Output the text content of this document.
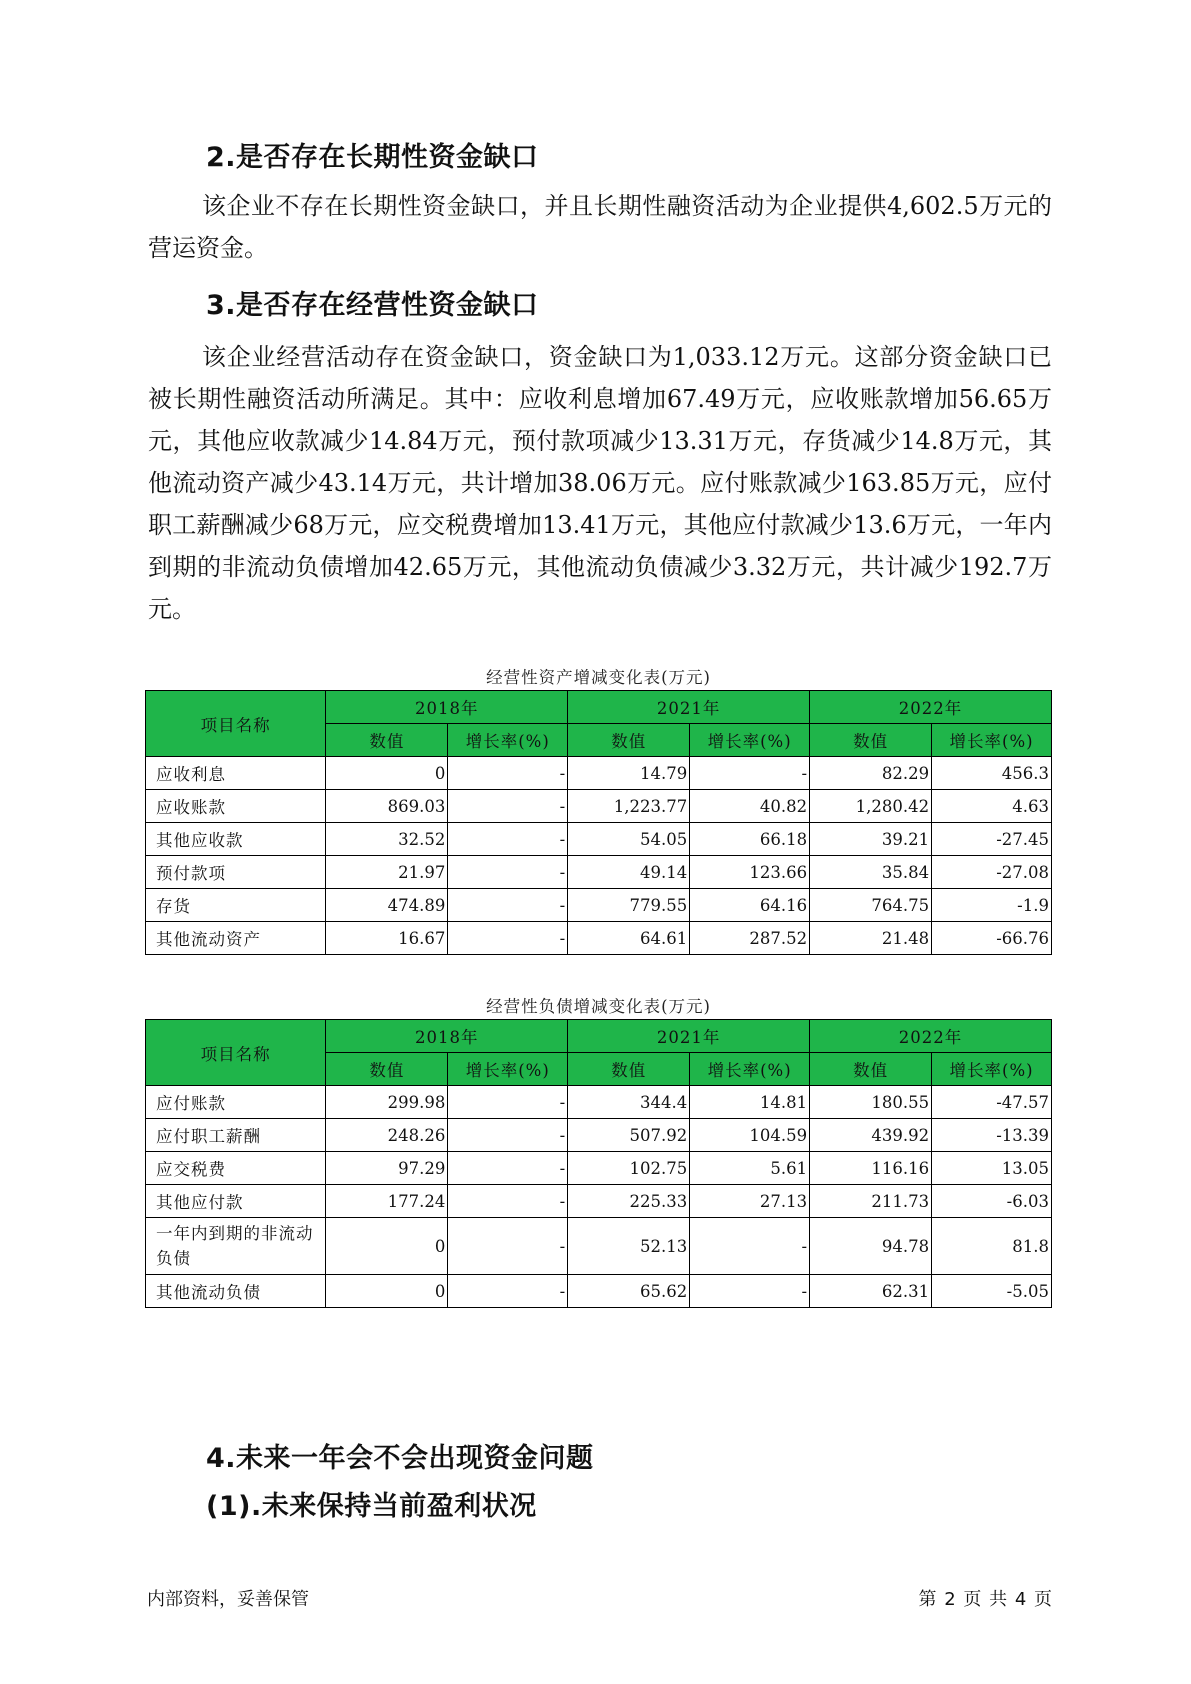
2.是否存在长期性资金缺口

该企业不存在长期性资金缺口，并且长期性融资活动为企业提供4,602.5万元的营运资金。

3.是否存在经营性资金缺口

该企业经营活动存在资金缺口，资金缺口为1,033.12万元。这部分资金缺口已被长期性融资活动所满足。其中：应收利息增加67.49万元，应收账款增加56.65万元，其他应收款减少14.84万元，预付款项减少13.31万元，存货减少14.8万元，其他流动资产减少43.14万元，共计增加38.06万元。应付账款减少163.85万元，应付职工薪酬减少68万元，应交税费增加13.41万元，其他应付款减少13.6万元，一年内到期的非流动负债增加42.65万元，其他流动负债减少3.32万元，共计减少192.7万元。

经营性资产增减变化表(万元)
项目名称	2018年		2021年		2022年	
	数值	增长率(%)	数值	增长率(%)	数值	增长率(%)
应收利息	0	-	14.79	-	82.29	456.3
应收账款	869.03	-	1,223.77	40.82	1,280.42	4.63
其他应收款	32.52	-	54.05	66.18	39.21	-27.45
预付款项	21.97	-	49.14	123.66	35.84	-27.08
存货	474.89	-	779.55	64.16	764.75	-1.9
其他流动资产	16.67	-	64.61	287.52	21.48	-66.76
经营性负债增减变化表(万元)
项目名称	2018年		2021年		2022年	
	数值	增长率(%)	数值	增长率(%)	数值	增长率(%)
应付账款	299.98	-	344.4	14.81	180.55	-47.57
应付职工薪酬	248.26	-	507.92	104.59	439.92	-13.39
应交税费	97.29	-	102.75	5.61	116.16	13.05
其他应付款	177.24	-	225.33	27.13	211.73	-6.03
一年内到期的非流动负债	0	-	52.13	-	94.78	81.8
其他流动负债	0	-	65.62	-	62.31	-5.05
4.未来一年会不会出现资金问题
(1).未来保持当前盈利状况
内部资料，妥善保管	第 2 页 共 4 页
